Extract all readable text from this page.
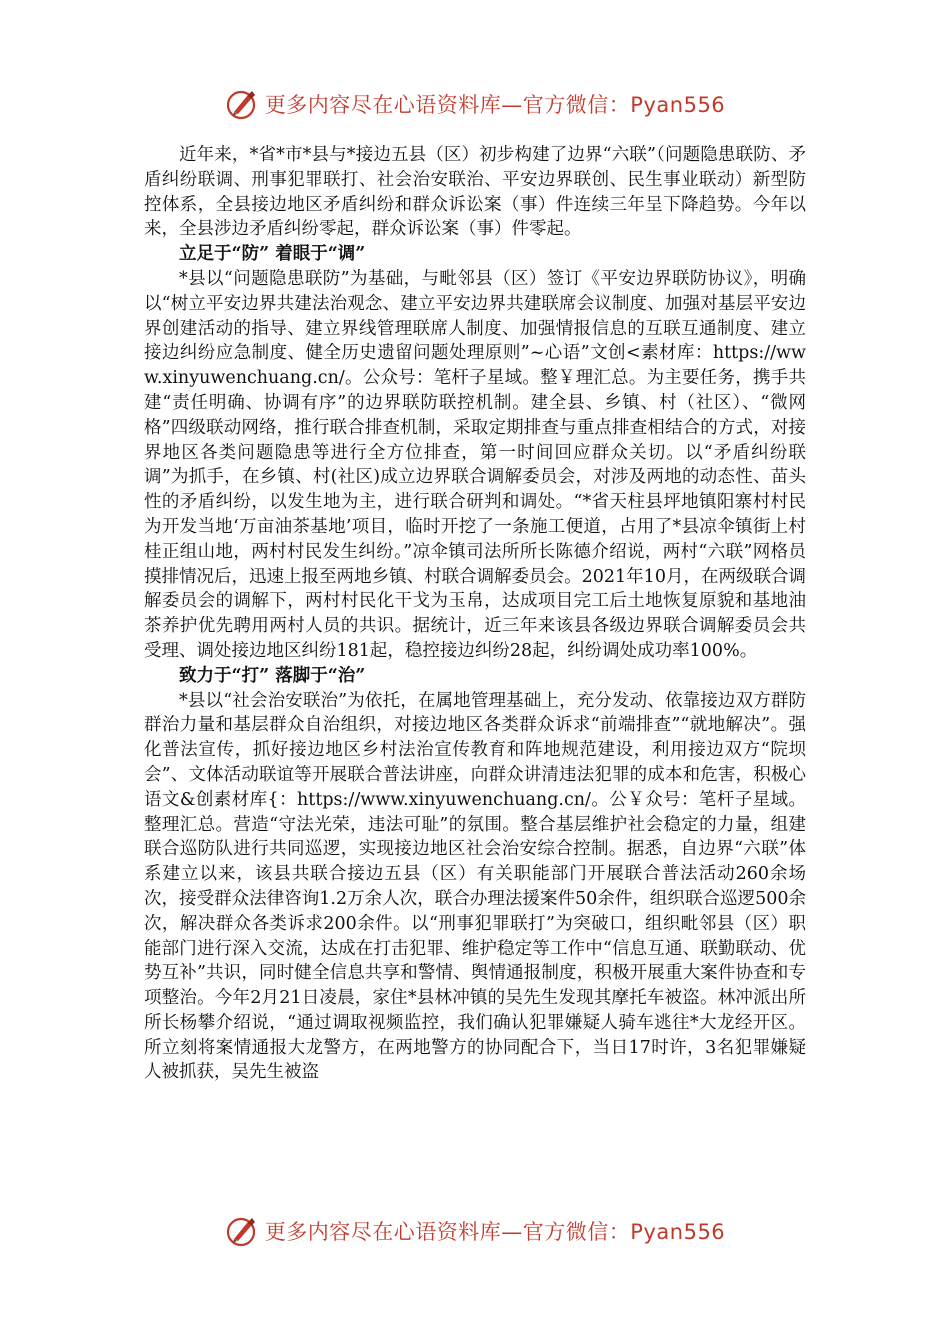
更多内容尽在心语资料库—官方微信：Pyan556

近年来，*省*市*县与*接边五县（区）初步构建了边界“六联”（问题隐患联防、矛盾纠纷联调、刑事犯罪联打、社会治安联治、平安边界联创、民生事业联动）新型防控体系，全县接边地区矛盾纠纷和群众诉讼案（事）件连续三年呈下降趋势。今年以来，全县涉边矛盾纠纷零起，群众诉讼案（事）件零起。

立足于“防” 着眼于“调”

*县以“问题隐患联防”为基础，与毗邻县（区）签订《平安边界联防协议》，明确以“树立平安边界共建法治观念、建立平安边界共建联席会议制度、加强对基层平安边界创建活动的指导、建立界线管理联席人制度、加强情报信息的互联互通制度、建立接边纠纷应急制度、健全历史遗留问题处理原则”~心语”文创<素材库：https://www.xinyuwenchuang.cn/。公众号：笔杆子星域。整￥理汇总。为主要任务，携手共建“责任明确、协调有序”的边界联防联控机制。建全县、乡镇、村（社区）、“微网格”四级联动网络，推行联合排查机制，采取定期排查与重点排查相结合的方式，对接界地区各类问题隐患等进行全方位排查，第一时间回应群众关切。以“矛盾纠纷联调”为抓手，在乡镇、村(社区)成立边界联合调解委员会，对涉及两地的动态性、苗头性的矛盾纠纷，以发生地为主，进行联合研判和调处。“*省天柱县坪地镇阳寨村村民为开发当地‘万亩油茶基地’项目，临时开挖了一条施工便道，占用了*县凉伞镇街上村桂正组山地，两村村民发生纠纷。”凉伞镇司法所所长陈德介绍说，两村“六联”网格员摸排情况后，迅速上报至两地乡镇、村联合调解委员会。2021年10月，在两级联合调解委员会的调解下，两村村民化干戈为玉帛，达成项目完工后土地恢复原貌和基地油茶养护优先聘用两村人员的共识。据统计，近三年来该县各级边界联合调解委员会共受理、调处接边地区纠纷181起，稳控接边纠纷28起，纠纷调处成功率100%。

致力于“打” 落脚于“治”

*县以“社会治安联治”为依托，在属地管理基础上，充分发动、依靠接边双方群防群治力量和基层群众自治组织，对接边地区各类群众诉求“前端排查”“就地解决”。强化普法宣传，抓好接边地区乡村法治宣传教育和阵地规范建设，利用接边双方“院坝会”、文体活动联谊等开展联合普法讲座，向群众讲清违法犯罪的成本和危害，积极心语文&创素材库{：https://www.xinyuwenchuang.cn/。公￥众号：笔杆子星域。整理汇总。营造“守法光荣，违法可耻”的氛围。整合基层维护社会稳定的力量，组建联合巡防队进行共同巡逻，实现接边地区社会治安综合控制。据悉，自边界“六联”体系建立以来，该县共联合接边五县（区）有关职能部门开展联合普法活动260余场次，接受群众法律咨询1.2万余人次，联合办理法援案件50余件，组织联合巡逻500余次，解决群众各类诉求200余件。以“刑事犯罪联打”为突破口，组织毗邻县（区）职能部门进行深入交流，达成在打击犯罪、维护稳定等工作中“信息互通、联勤联动、优势互补”共识，同时健全信息共享和警情、舆情通报制度，积极开展重大案件协查和专项整治。今年2月21日凌晨，家住*县林冲镇的吴先生发现其摩托车被盗。林冲派出所所长杨攀介绍说，“通过调取视频监控，我们确认犯罪嫌疑人骑车逃往*大龙经开区。所立刻将案情通报大龙警方，在两地警方的协同配合下，当日17时许，3名犯罪嫌疑人被抓获，吴先生被盗

更多内容尽在心语资料库—官方微信：Pyan556
